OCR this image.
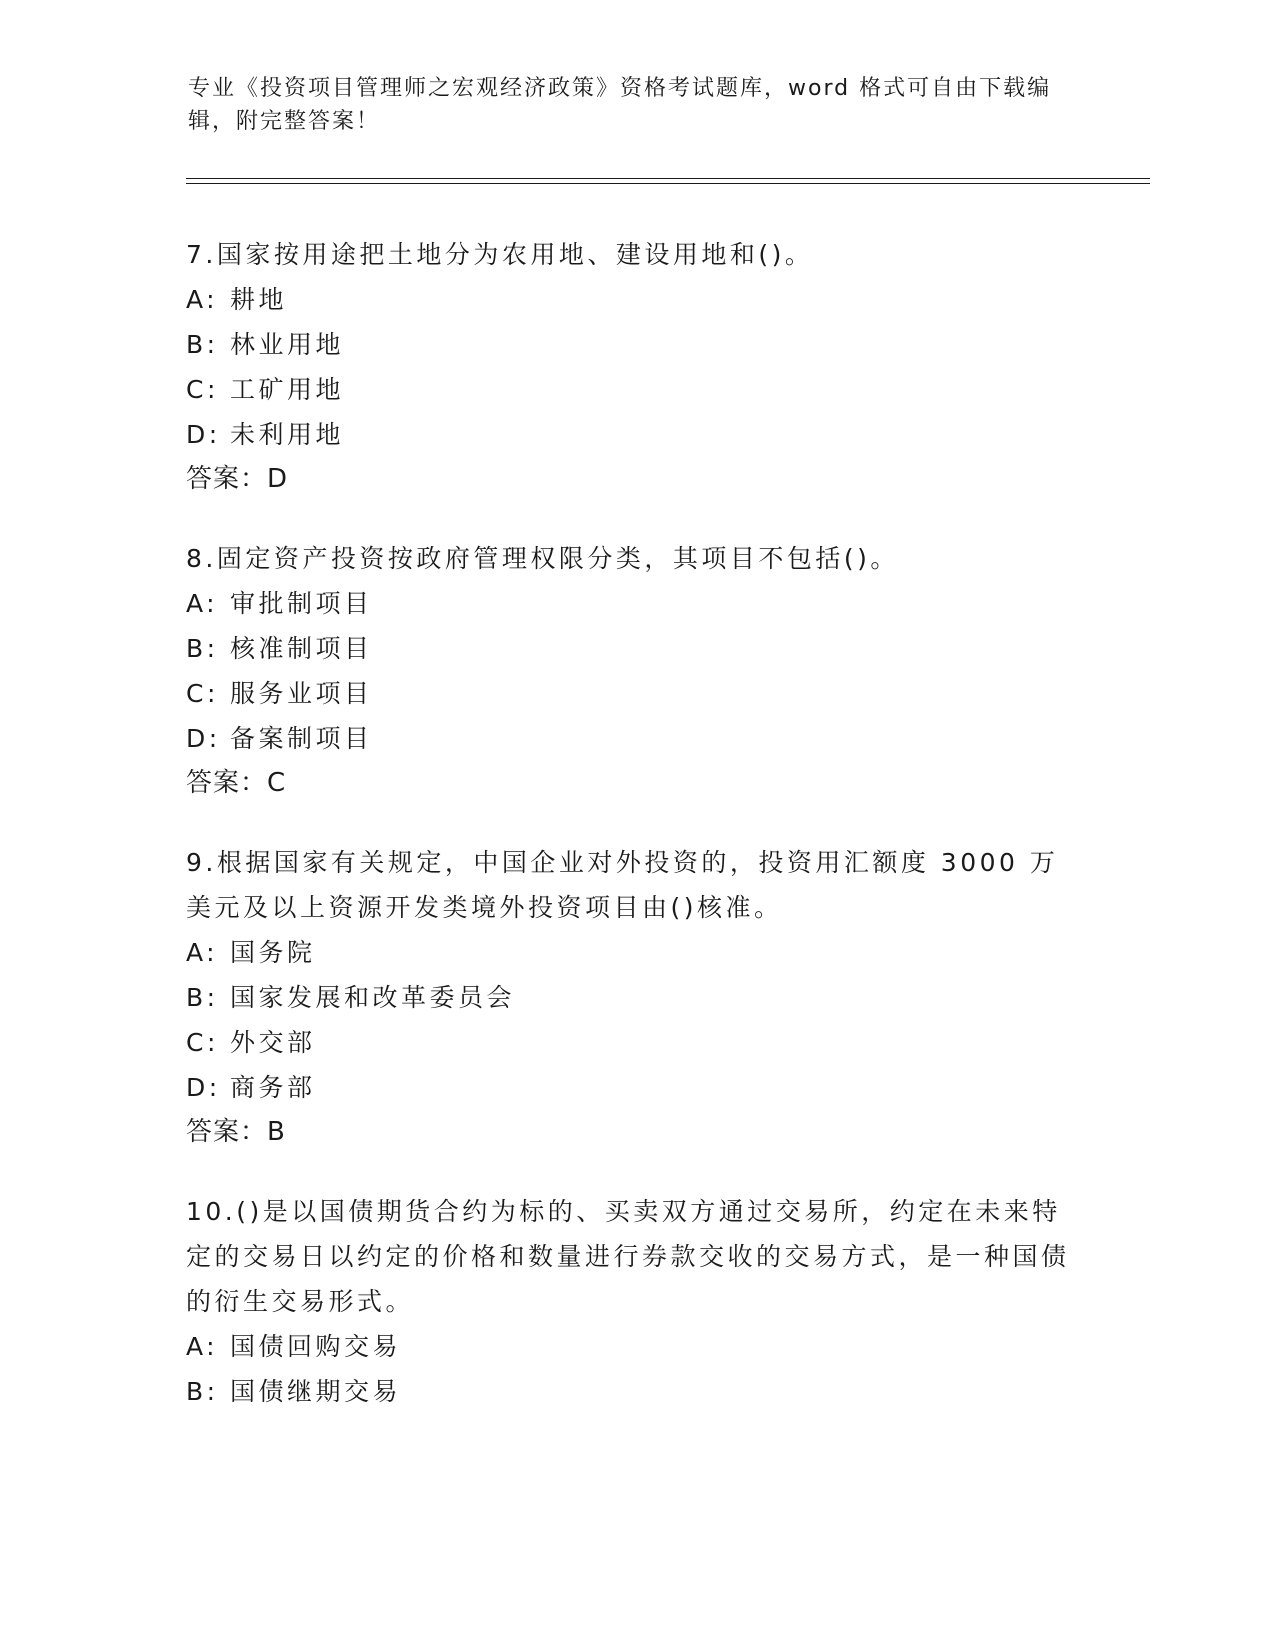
专业《投资项目管理师之宏观经济政策》资格考试题库，word 格式可自由下载编辑，附完整答案！

7.国家按用途把土地分为农用地、建设用地和()。

A: 耕地

B: 林业用地

C: 工矿用地

D: 未利用地

答案：D

8.固定资产投资按政府管理权限分类，其项目不包括()。

A: 审批制项目

B: 核准制项目

C: 服务业项目

D: 备案制项目

答案：C

9.根据国家有关规定，中国企业对外投资的，投资用汇额度 3000 万美元及以上资源开发类境外投资项目由()核准。

A: 国务院

B: 国家发展和改革委员会

C: 外交部

D: 商务部

答案：B

10.()是以国债期货合约为标的、买卖双方通过交易所，约定在未来特定的交易日以约定的价格和数量进行券款交收的交易方式，是一种国债的衍生交易形式。

A: 国债回购交易

B: 国债继期交易
